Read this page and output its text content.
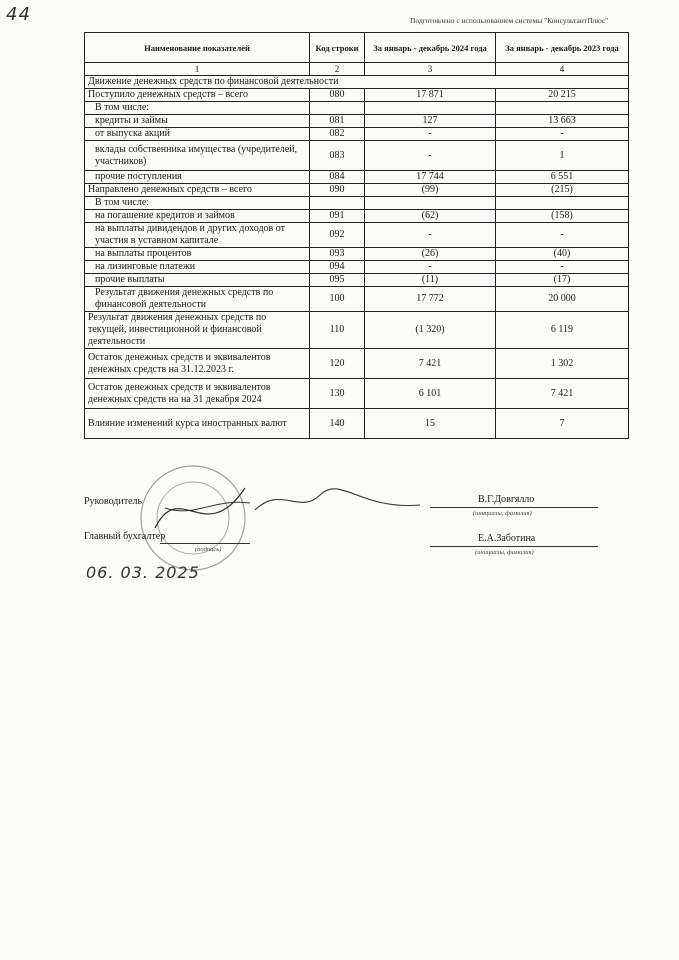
44	Подготовлено с использованием системы "КонсультантПлюс"
Наименование показателей	Код строки	За январь - декабрь 2024 года	За январь - декабрь 2023 года
1	2	3	4
Движение денежных средств по финансовой деятельности			
Поступило денежных средств – всего	080	17 871	20 215
В том числе:			
кредиты и займы	081	127	13 663
от выпуска акций	082	-	-
вклады собственника имущества (учредителей, участников)	083	-	1
прочие поступления	084	17 744	6 551
Направлено денежных средств – всего	090	(99)	(215)
В том числе:			
на погашение кредитов и займов	091	(62)	(158)
на выплаты дивидендов и других доходов от участия в уставном капитале	092	-	-
на выплаты процентов	093	(26)	(40)
на лизинговые платежи	094	-	-
прочие выплаты	095	(11)	(17)
Результат движения денежных средств по финансовой деятельности	100	17 772	20 000
Результат движения денежных средств по текущей, инвестиционной и финансовой деятельности	110	(1 320)	6 119
Остаток денежных средств и эквивалентов денежных средств на 31.12.2023 г.	120	7 421	1 302
Остаток денежных средств и эквивалентов денежных средств на на 31 декабря 2024	130	6 101	7 421
Влияние изменений курса иностранных валют	140	15	7
Руководитель	В.Г.Довгялло
(инициалы, фамилия)
Главный бухгалтер
(подпись)
Е.А.Заботина
(инициалы, фамилия)
06. 03. 2025
